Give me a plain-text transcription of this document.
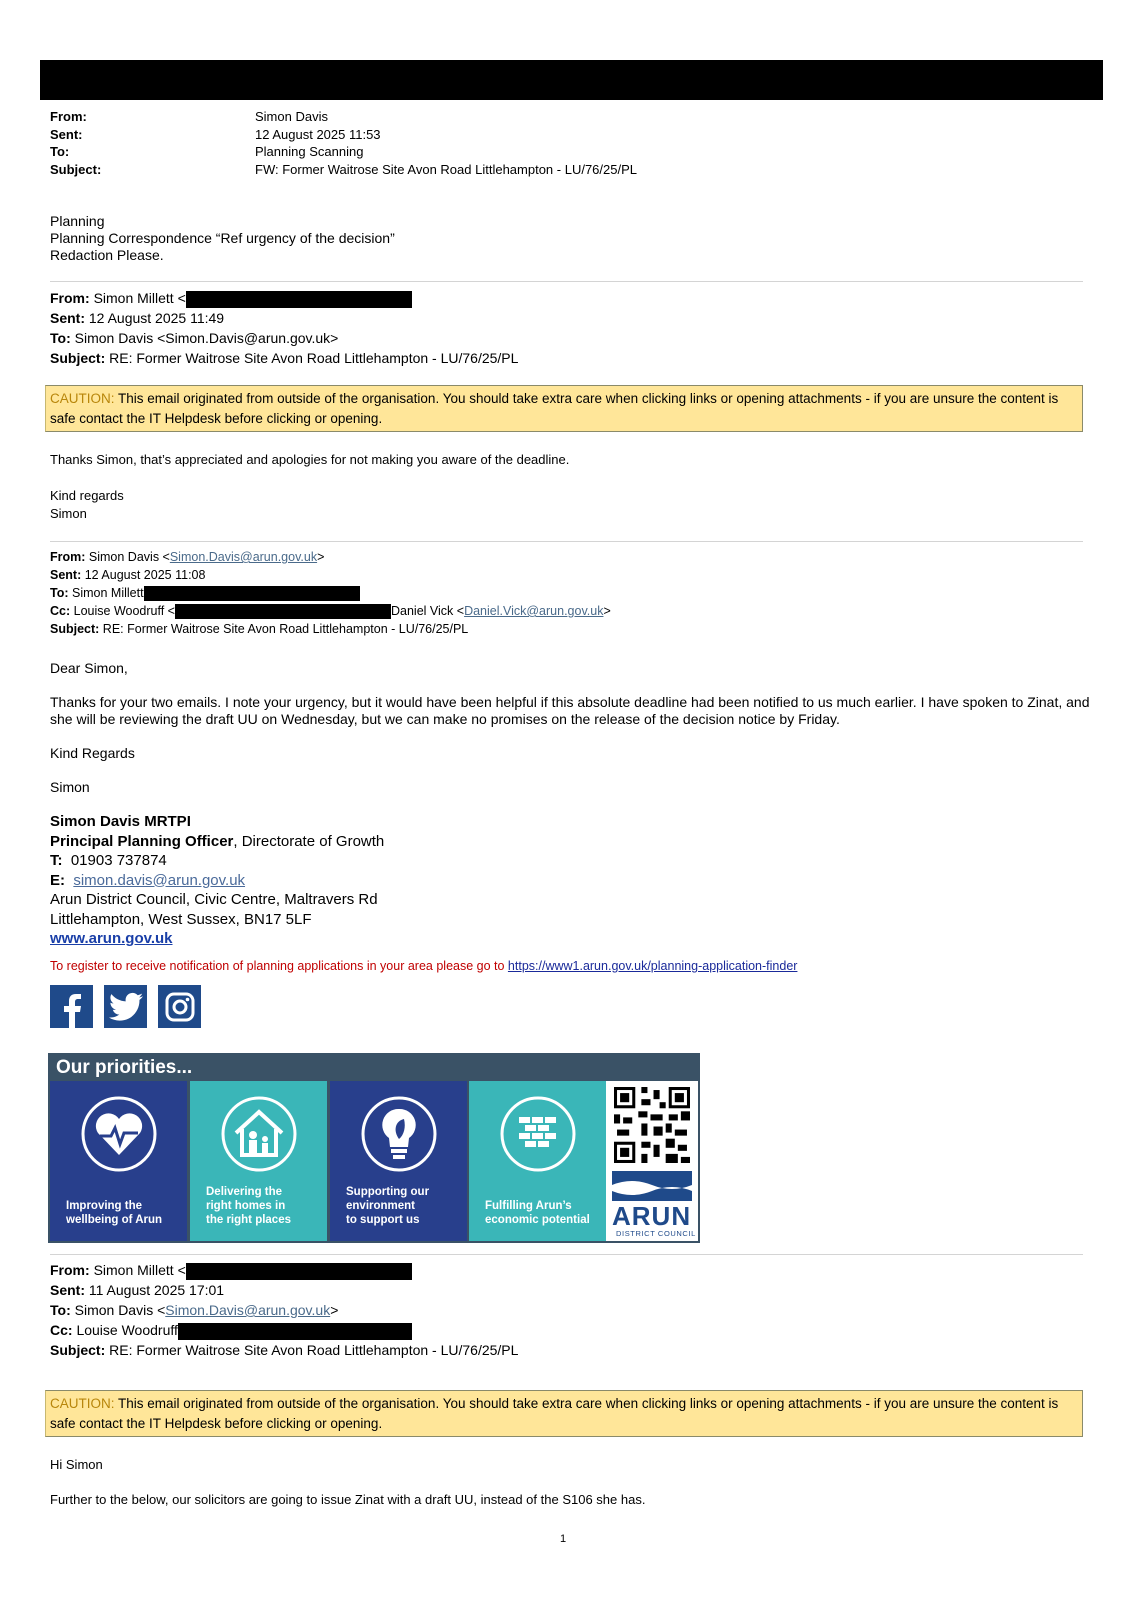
From:	Simon Davis
Sent:	12 August 2025 11:53
To:	Planning Scanning
Subject:	FW: Former Waitrose Site Avon Road Littlehampton - LU/76/25/PL
Planning
Planning Correspondence “Ref urgency of the decision”
Redaction Please.
From: Simon Millett <
Sent: 12 August 2025 11:49
To: Simon Davis <Simon.Davis@arun.gov.uk>
Subject: RE: Former Waitrose Site Avon Road Littlehampton - LU/76/25/PL
CAUTION: This email originated from outside of the organisation. You should take extra care when clicking links or opening attachments - if you are unsure the content is safe contact the IT Helpdesk before clicking or opening.
Thanks Simon, that’s appreciated and apologies for not making you aware of the deadline.
Kind regards
Simon
From: Simon Davis <Simon.Davis@arun.gov.uk>
Sent: 12 August 2025 11:08
To: Simon Millett
Cc: Louise Woodruff <	Daniel Vick <Daniel.Vick@arun.gov.uk>
Subject: RE: Former Waitrose Site Avon Road Littlehampton - LU/76/25/PL
Dear Simon,
Thanks for your two emails. I note your urgency, but it would have been helpful if this absolute deadline had been notified to us much earlier. I have spoken to Zinat, and she will be reviewing the draft UU on Wednesday, but we can make no promises on the release of the decision notice by Friday.
Kind Regards
Simon
Simon Davis MRTPI
Principal Planning Officer, Directorate of Growth
T:  01903 737874
E: simon.davis@arun.gov.uk
Arun District Council, Civic Centre, Maltravers Rd
Littlehampton, West Sussex, BN17 5LF
www.arun.gov.uk
To register to receive notification of planning applications in your area please go to https://www1.arun.gov.uk/planning-application-finder
Our priorities...
Improving the
wellbeing of Arun
Delivering the
right homes in
the right places
Supporting our
environment
to support us
Fulfilling Arun’s
economic potential ARUN
DISTRICT COUNCIL
From: Simon Millett <
Sent: 11 August 2025 17:01
To: Simon Davis <Simon.Davis@arun.gov.uk>
Cc: Louise Woodruff
Subject: RE: Former Waitrose Site Avon Road Littlehampton - LU/76/25/PL
CAUTION: This email originated from outside of the organisation. You should take extra care when clicking links or opening attachments - if you are unsure the content is safe contact the IT Helpdesk before clicking or opening.
Hi Simon
Further to the below, our solicitors are going to issue Zinat with a draft UU, instead of the S106 she has.
1
